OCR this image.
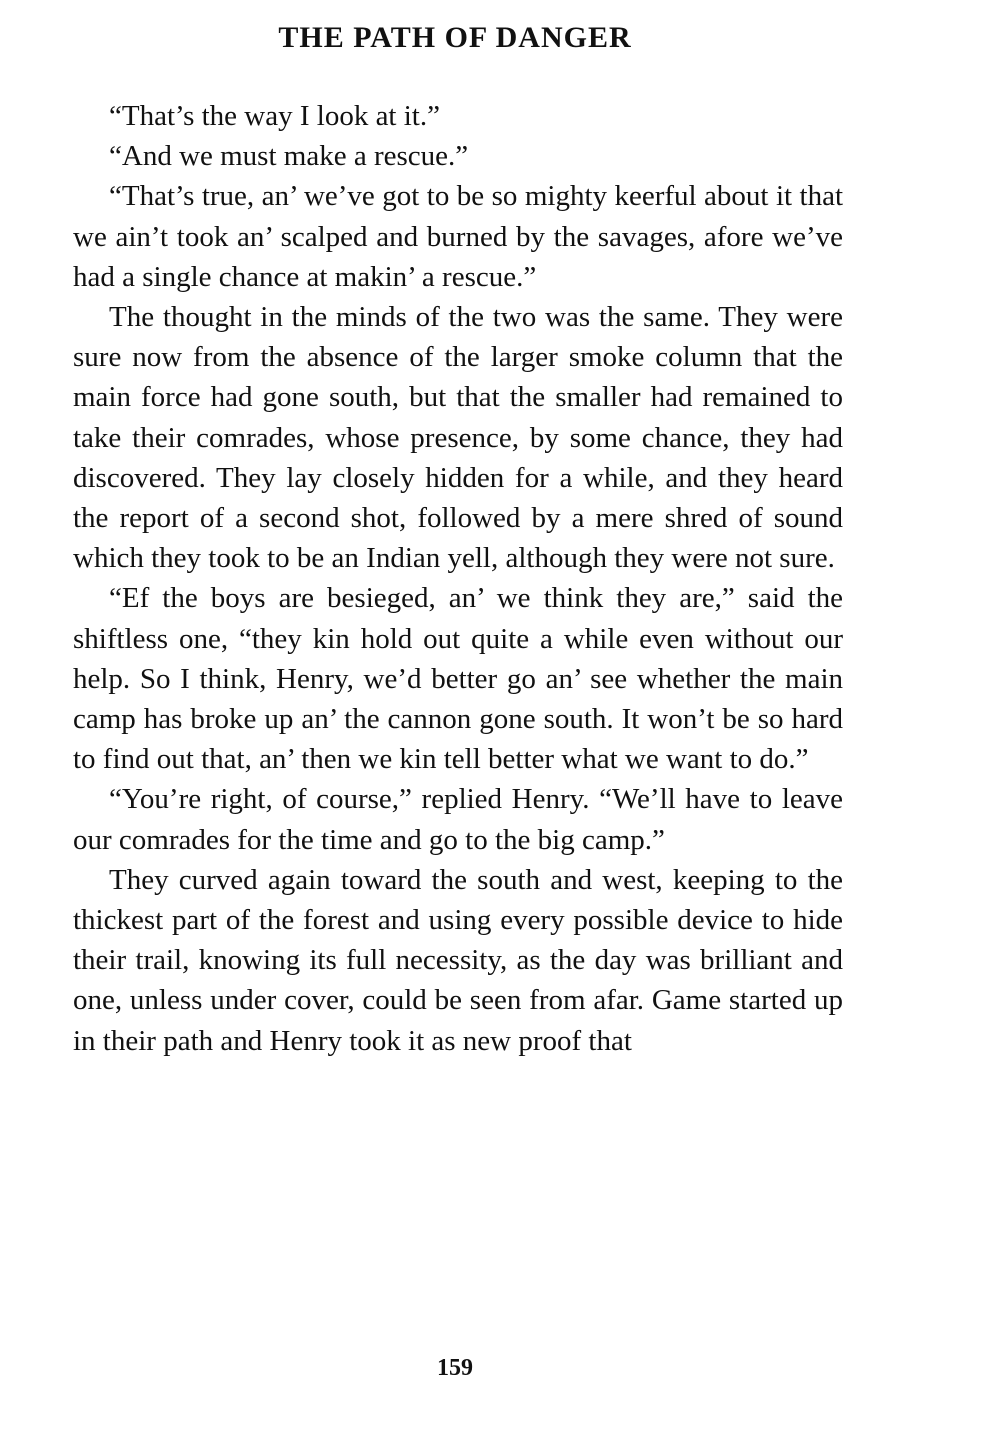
THE PATH OF DANGER

“That’s the way I look at it.”

“And we must make a rescue.”

“That’s true, an’ we’ve got to be so mighty keerful about it that we ain’t took an’ scalped and burned by the savages, afore we’ve had a single chance at makin’ a rescue.”

The thought in the minds of the two was the same. They were sure now from the absence of the larger smoke column that the main force had gone south, but that the smaller had remained to take their comrades, whose presence, by some chance, they had discovered. They lay closely hidden for a while, and they heard the report of a second shot, followed by a mere shred of sound which they took to be an Indian yell, although they were not sure.

“Ef the boys are besieged, an’ we think they are,” said the shiftless one, “they kin hold out quite a while even without our help. So I think, Henry, we’d better go an’ see whether the main camp has broke up an’ the cannon gone south. It won’t be so hard to find out that, an’ then we kin tell better what we want to do.”

“You’re right, of course,” replied Henry. “We’ll have to leave our comrades for the time and go to the big camp.”

They curved again toward the south and west, keeping to the thickest part of the forest and using every possible device to hide their trail, knowing its full necessity, as the day was brilliant and one, unless under cover, could be seen from afar. Game started up in their path and Henry took it as new proof that

159
